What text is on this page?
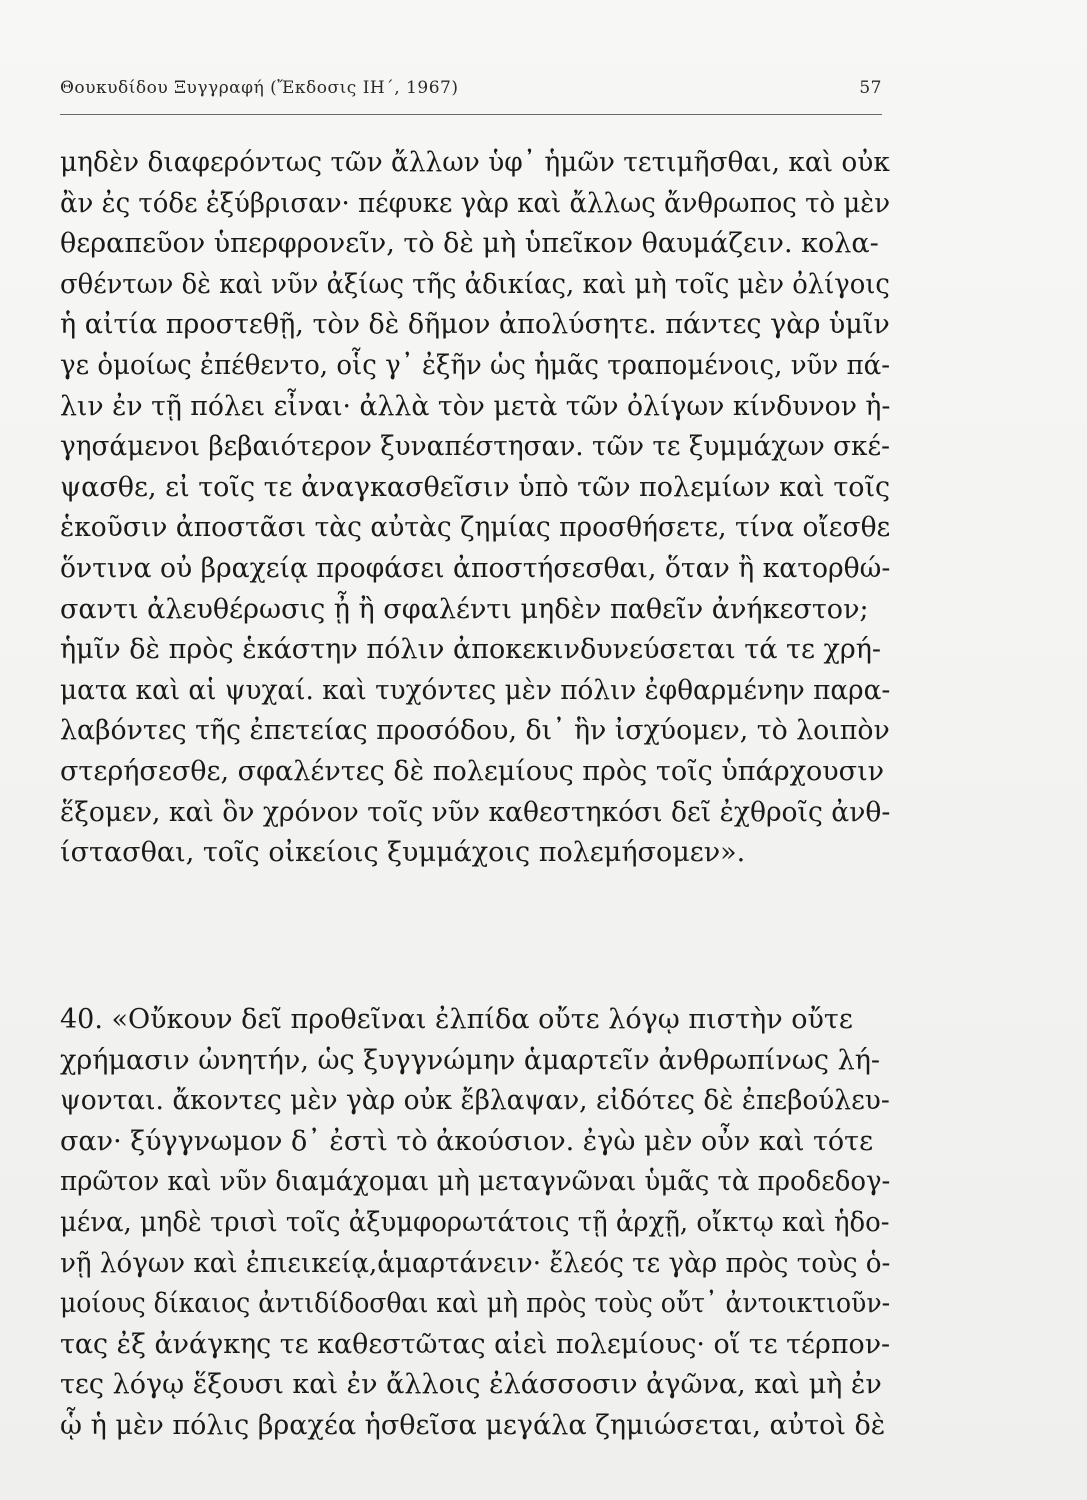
Θουκυδίδου Ξυγγραφή (Ἔκδοσις ΙΗ΄, 1967)	57
μηδὲν διαφερόντως τῶν ἄλλων ὑφ᾽ ἡμῶν τετιμῆσθαι, καὶ οὐκ
ἂν ἐς τόδε ἐξύβρισαν· πέφυκε γὰρ καὶ ἄλλως ἄνθρωπος τὸ μὲν
θεραπεῦον ὑπερφρονεῖν, τὸ δὲ μὴ ὑπεῖκον θαυμάζειν. κολα-
σθέντων δὲ καὶ νῦν ἀξίως τῆς ἀδικίας, καὶ μὴ τοῖς μὲν ὀλίγοις
ἡ αἰτία προστεθῇ, τὸν δὲ δῆμον ἀπολύσητε. πάντες γὰρ ὑμῖν
γε ὁμοίως ἐπέθεντο, οἷς γ᾽ ἐξῆν ὡς ἡμᾶς τραπομένοις, νῦν πά-
λιν ἐν τῇ πόλει εἶναι· ἀλλὰ τὸν μετὰ τῶν ὀλίγων κίνδυνον ἡ-
γησάμενοι βεβαιότερον ξυναπέστησαν. τῶν τε ξυμμάχων σκέ-
ψασθε, εἰ τοῖς τε ἀναγκασθεῖσιν ὑπὸ τῶν πολεμίων καὶ τοῖς
ἑκοῦσιν ἀποστᾶσι τὰς αὐτὰς ζημίας προσθήσετε, τίνα οἴεσθε
ὅντινα οὐ βραχείᾳ προφάσει ἀποστήσεσθαι, ὅταν ἢ κατορθώ-
σαντι ἀλευθέρωσις ᾖ ἢ σφαλέντι μηδὲν παθεῖν ἀνήκεστον;
ἡμῖν δὲ πρὸς ἑκάστην πόλιν ἀποκεκινδυνεύσεται τά τε χρή-
ματα καὶ αἱ ψυχαί. καὶ τυχόντες μὲν πόλιν ἐφθαρμένην παρα-
λαβόντες τῆς ἐπετείας προσόδου, δι᾽ ἣν ἰσχύομεν, τὸ λοιπὸν
στερήσεσθε, σφαλέντες δὲ πολεμίους πρὸς τοῖς ὑπάρχουσιν
ἕξομεν, καὶ ὃν χρόνον τοῖς νῦν καθεστηκόσι δεῖ ἐχθροῖς ἀνθ-
ίστασθαι, τοῖς οἰκείοις ξυμμάχοις πολεμήσομεν».
40. «Οὔκουν δεῖ προθεῖναι ἐλπίδα οὔτε λόγῳ πιστὴν οὔτε
χρήμασιν ὠνητήν, ὡς ξυγγνώμην ἁμαρτεῖν ἀνθρωπίνως λή-
ψονται. ἄκοντες μὲν γὰρ οὐκ ἔβλαψαν, εἰδότες δὲ ἐπεβούλευ-
σαν· ξύγγνωμον δ᾽ ἐστὶ τὸ ἀκούσιον. ἐγὼ μὲν οὖν καὶ τότε
πρῶτον καὶ νῦν διαμάχομαι μὴ μεταγνῶναι ὑμᾶς τὰ προδεδογ-
μένα, μηδὲ τρισὶ τοῖς ἀξυμφορωτάτοις τῇ ἀρχῇ, οἴκτῳ καὶ ἡδο-
νῇ λόγων καὶ ἐπιεικείᾳ,ἁμαρτάνειν· ἔλεός τε γὰρ πρὸς τοὺς ὁ-
μοίους δίκαιος ἀντιδίδοσθαι καὶ μὴ πρὸς τοὺς οὔτ᾽ ἀντοικτιοῦν-
τας ἐξ ἀνάγκης τε καθεστῶτας αἰεὶ πολεμίους· οἵ τε τέρπον-
τες λόγῳ ἕξουσι καὶ ἐν ἄλλοις ἐλάσσοσιν ἀγῶνα, καὶ μὴ ἐν
ᾧ ἡ μὲν πόλις βραχέα ἡσθεῖσα μεγάλα ζημιώσεται, αὐτοὶ δὲ
